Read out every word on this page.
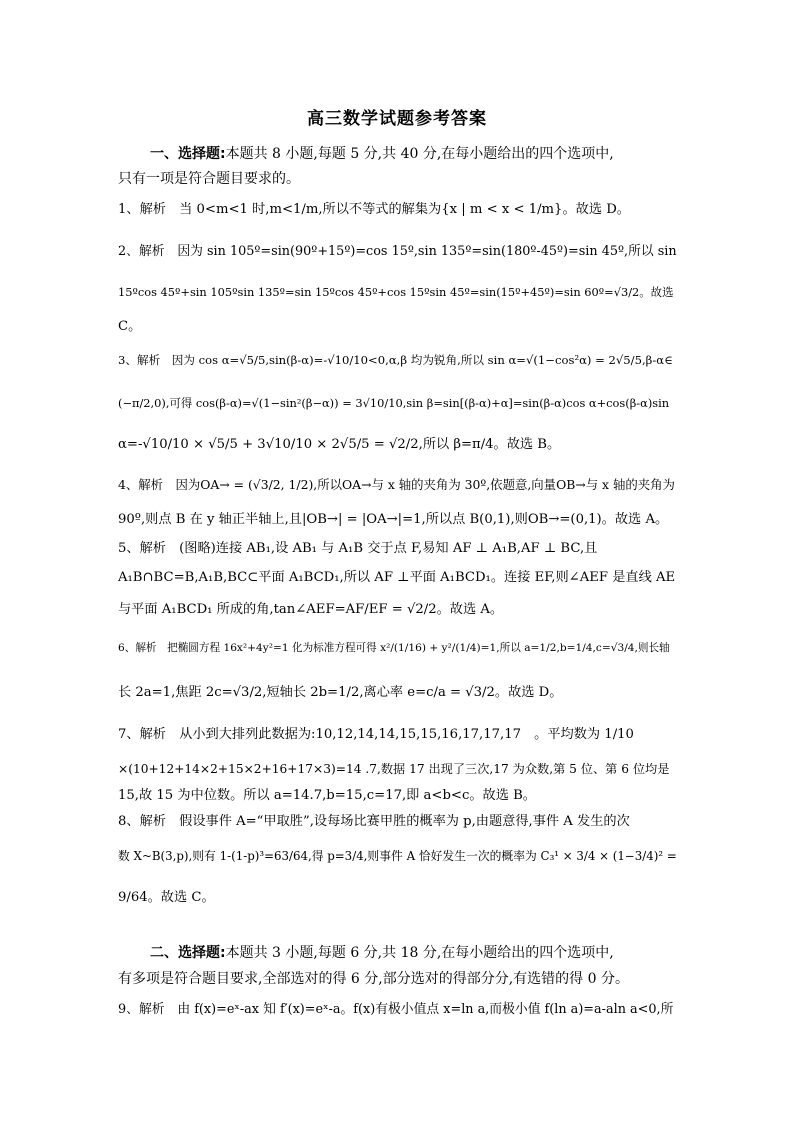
高三数学试题参考答案
一、选择题:本题共 8 小题,每题 5 分,共 40 分,在每小题给出的四个选项中,
只有一项是符合题目要求的。
1、解析　当 0<m<1 时,m<1/m,所以不等式的解集为{x | m < x < 1/m}。故选 D。
2、解析　因为 sin 105º=sin(90º+15º)=cos 15º,sin 135º=sin(180º-45º)=sin 45º,所以 sin
15ºcos 45º+sin 105ºsin 135º=sin 15ºcos 45º+cos 15ºsin 45º=sin(15º+45º)=sin 60º=√3/2。故选
C。
3、解析　因为 cos α=√5/5,sin(β-α)=-√10/10<0,α,β 均为锐角,所以 sin α=√(1−cos²α) = 2√5/5,β-α∈
(−π/2,0),可得 cos(β-α)=√(1−sin²(β−α)) = 3√10/10,sin β=sin[(β-α)+α]=sin(β-α)cos α+cos(β-α)sin
α=-√10/10 × √5/5 + 3√10/10 × 2√5/5 = √2/2,所以 β=π/4。故选 B。
4、解析　因为OA→ = (√3/2, 1/2),所以OA→与 x 轴的夹角为 30º,依题意,向量OB→与 x 轴的夹角为
90º,则点 B 在 y 轴正半轴上,且|OB→| = |OA→|=1,所以点 B(0,1),则OB→=(0,1)。故选 A。
5、解析　(图略)连接 AB₁,设 AB₁ 与 A₁B 交于点 F,易知 AF ⊥ A₁B,AF ⊥ BC,且
A₁B∩BC=B,A₁B,BC⊂平面 A₁BCD₁,所以 AF ⊥平面 A₁BCD₁。连接 EF,则∠AEF 是直线 AE
与平面 A₁BCD₁ 所成的角,tan∠AEF=AF/EF = √2/2。故选 A。
6、解析　把椭圆方程 16x²+4y²=1 化为标准方程可得 x²/(1/16) + y²/(1/4)=1,所以 a=1/2,b=1/4,c=√3/4,则长轴
长 2a=1,焦距 2c=√3/2,短轴长 2b=1/2,离心率 e=c/a = √3/2。故选 D。
7、解析　从小到大排列此数据为:10,12,14,14,15,15,16,17,17,17　。平均数为 1/10
×(10+12+14×2+15×2+16+17×3)=14 .7,数据 17 出现了三次,17 为众数,第 5 位、第 6 位均是
15,故 15 为中位数。所以 a=14.7,b=15,c=17,即 a<b<c。故选 B。
8、解析　假设事件 A=“甲取胜”,设每场比赛甲胜的概率为 p,由题意得,事件 A 发生的次
数 X~B(3,p),则有 1-(1-p)³=63/64,得 p=3/4,则事件 A 恰好发生一次的概率为 C₃¹ × 3/4 × (1−3/4)² =
9/64。故选 C。
二、选择题:本题共 3 小题,每题 6 分,共 18 分,在每小题给出的四个选项中,
有多项是符合题目要求,全部选对的得 6 分,部分选对的得部分分,有选错的得 0 分。
9、解析　由 f(x)=eˣ-ax 知 f′(x)=eˣ-a。f(x)有极小值点 x=ln a,而极小值 f(ln a)=a-aln a<0,所
